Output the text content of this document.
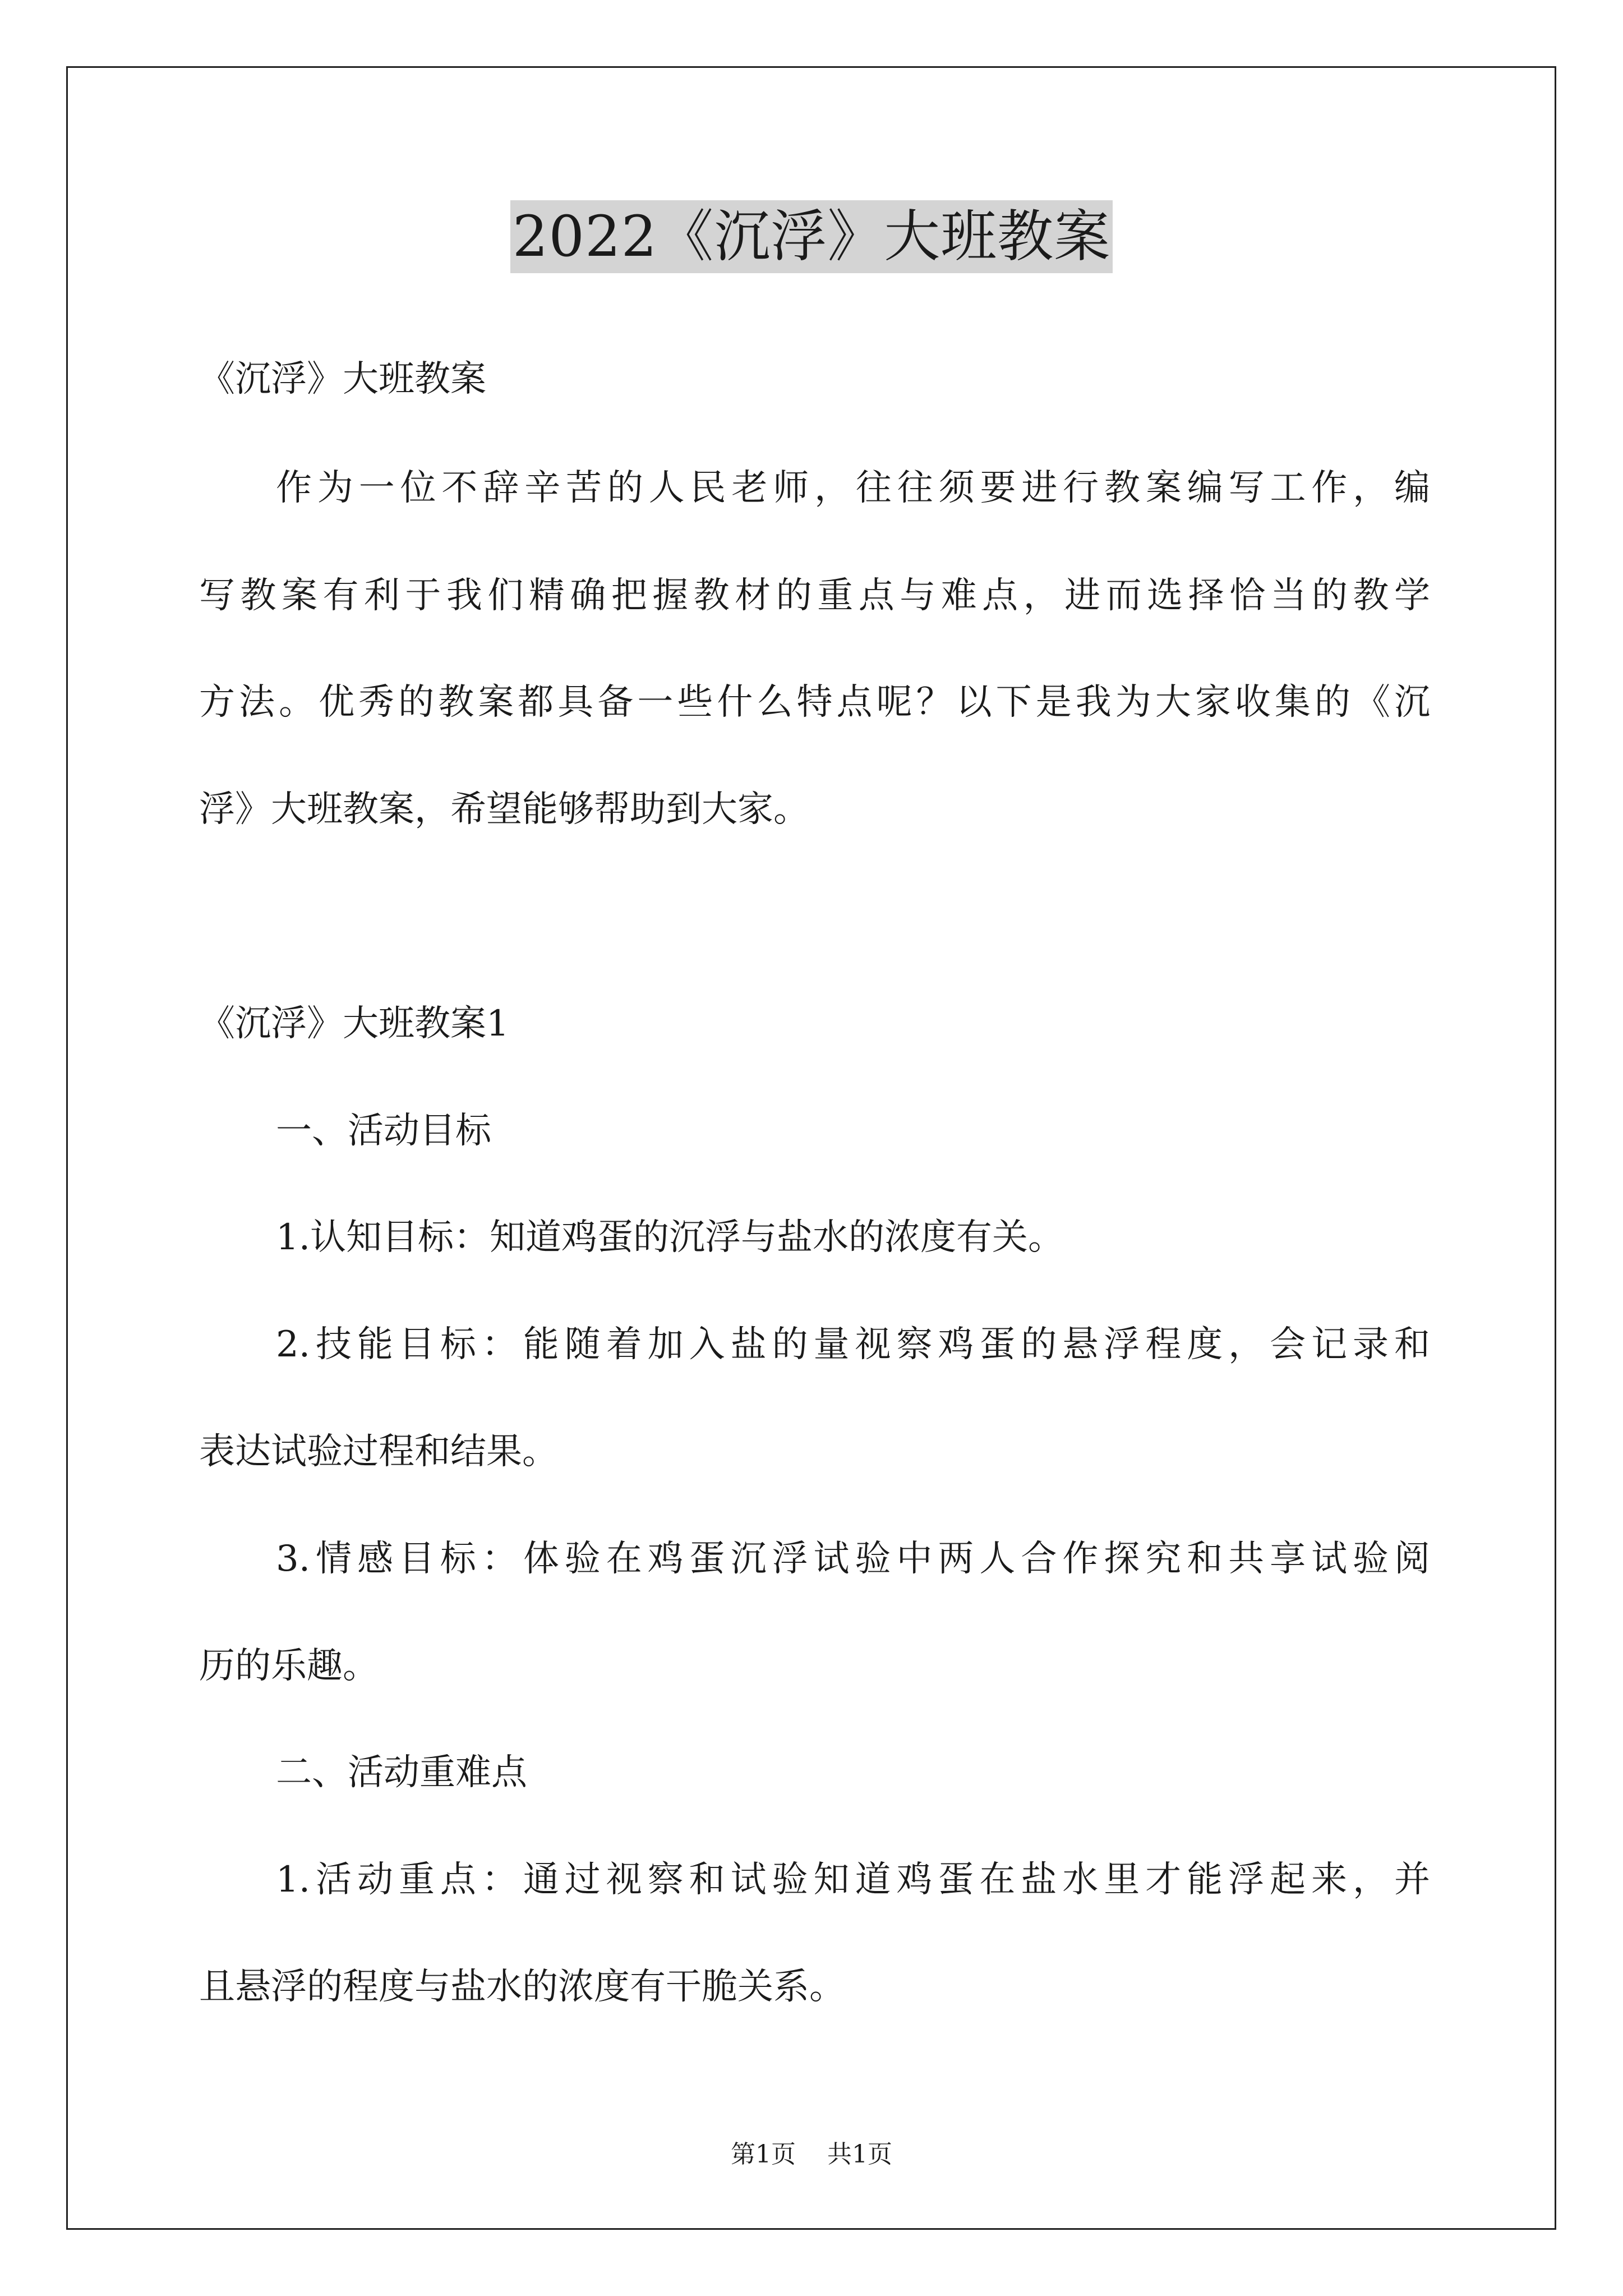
2022《沉浮》大班教案
《沉浮》大班教案
作为一位不辞辛苦的人民老师，往往须要进行教案编写工作，编
写教案有利于我们精确把握教材的重点与难点，进而选择恰当的教学
方法。优秀的教案都具备一些什么特点呢？以下是我为大家收集的《沉
浮》大班教案，希望能够帮助到大家。
《沉浮》大班教案1
一、活动目标
1.认知目标：知道鸡蛋的沉浮与盐水的浓度有关。
2.技能目标：能随着加入盐的量视察鸡蛋的悬浮程度，会记录和
表达试验过程和结果。
3.情感目标：体验在鸡蛋沉浮试验中两人合作探究和共享试验阅
历的乐趣。
二、活动重难点
1.活动重点：通过视察和试验知道鸡蛋在盐水里才能浮起来，并
且悬浮的程度与盐水的浓度有干脆关系。
第1页 共1页
